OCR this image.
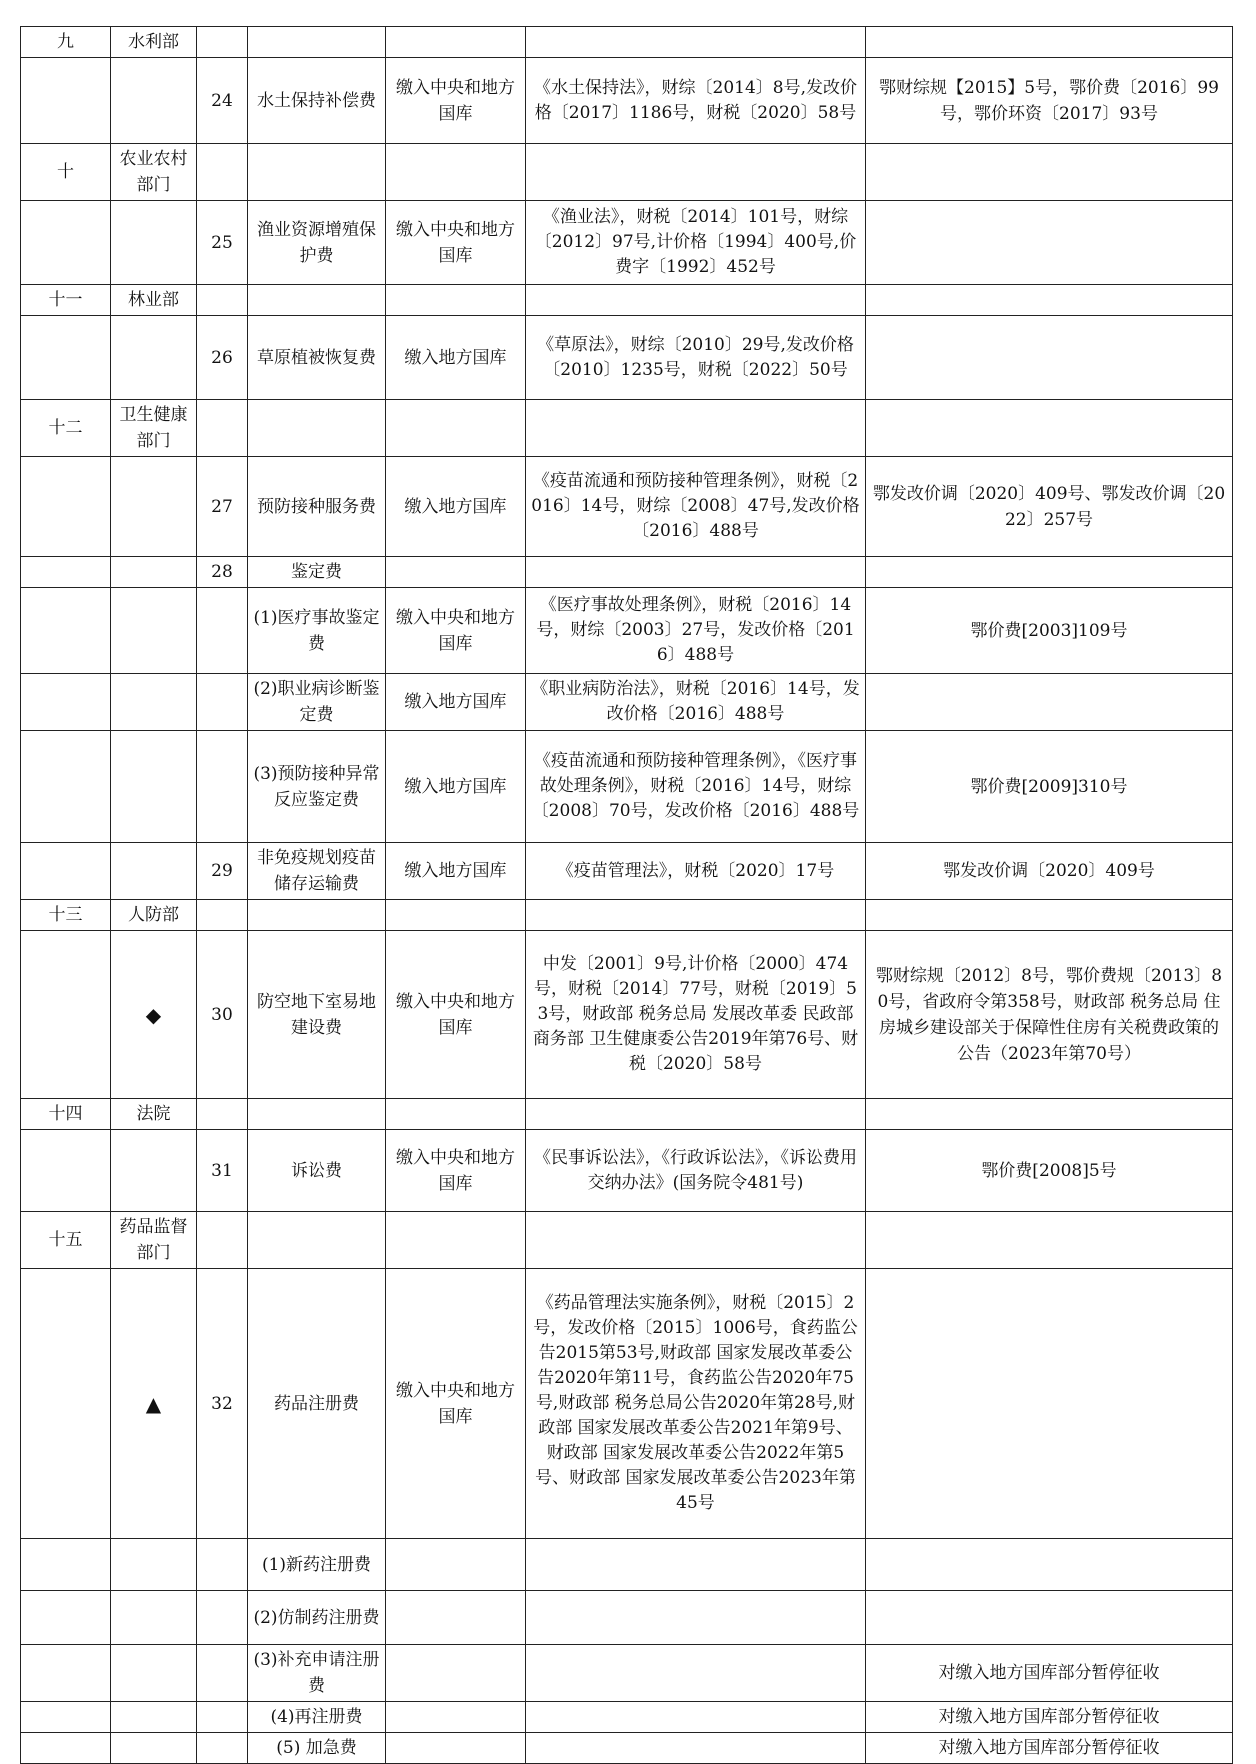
九	水利部					
		24	水土保持补偿费	缴入中央和地方国库	《水土保持法》，财综〔2014〕8号,发改价格〔2017〕1186号，财税〔2020〕58号	鄂财综规【2015】5号，鄂价费〔2016〕99号，鄂价环资〔2017〕93号
十	农业农村部门					
		25	渔业资源增殖保护费	缴入中央和地方国库	《渔业法》，财税〔2014〕101号，财综〔2012〕97号,计价格〔1994〕400号,价费字〔1992〕452号	
十一	林业部					
		26	草原植被恢复费	缴入地方国库	《草原法》，财综〔2010〕29号,发改价格〔2010〕1235号，财税〔2022〕50号	
十二	卫生健康部门					
		27	预防接种服务费	缴入地方国库	《疫苗流通和预防接种管理条例》，财税〔2016〕14号，财综〔2008〕47号,发改价格〔2016〕488号	鄂发改价调〔2020〕409号、鄂发改价调〔2022〕257号
		28	鉴定费			
			(1)医疗事故鉴定费	缴入中央和地方国库	《医疗事故处理条例》，财税〔2016〕14号，财综〔2003〕27号，发改价格〔2016〕488号	鄂价费[2003]109号
			(2)职业病诊断鉴定费	缴入地方国库	《职业病防治法》，财税〔2016〕14号，发改价格〔2016〕488号	
			(3)预防接种异常反应鉴定费	缴入地方国库	《疫苗流通和预防接种管理条例》，《医疗事故处理条例》，财税〔2016〕14号，财综〔2008〕70号，发改价格〔2016〕488号	鄂价费[2009]310号
		29	非免疫规划疫苗储存运输费	缴入地方国库	《疫苗管理法》，财税〔2020〕17号	鄂发改价调〔2020〕409号
十三	人防部					
	◆	30	防空地下室易地建设费	缴入中央和地方国库	中发〔2001〕9号,计价格〔2000〕474号，财税〔2014〕77号，财税〔2019〕53号，财政部 税务总局 发展改革委 民政部 商务部 卫生健康委公告2019年第76号、财税〔2020〕58号	鄂财综规〔2012〕8号，鄂价费规〔2013〕80号，省政府令第358号，财政部 税务总局 住房城乡建设部关于保障性住房有关税费政策的公告（2023年第70号）
十四	法院					
		31	诉讼费	缴入中央和地方国库	《民事诉讼法》，《行政诉讼法》，《诉讼费用交纳办法》(国务院令481号)	鄂价费[2008]5号
十五	药品监督部门					
	▲	32	药品注册费	缴入中央和地方国库	《药品管理法实施条例》，财税〔2015〕2号，发改价格〔2015〕1006号，食药监公告2015第53号,财政部 国家发展改革委公告2020年第11号，食药监公告2020年75号,财政部 税务总局公告2020年第28号,财政部 国家发展改革委公告2021年第9号、财政部 国家发展改革委公告2022年第5号、财政部 国家发展改革委公告2023年第45号	
			(1)新药注册费			
			(2)仿制药注册费			
			(3)补充申请注册费			对缴入地方国库部分暂停征收
			(4)再注册费			对缴入地方国库部分暂停征收
			(5) 加急费			对缴入地方国库部分暂停征收
